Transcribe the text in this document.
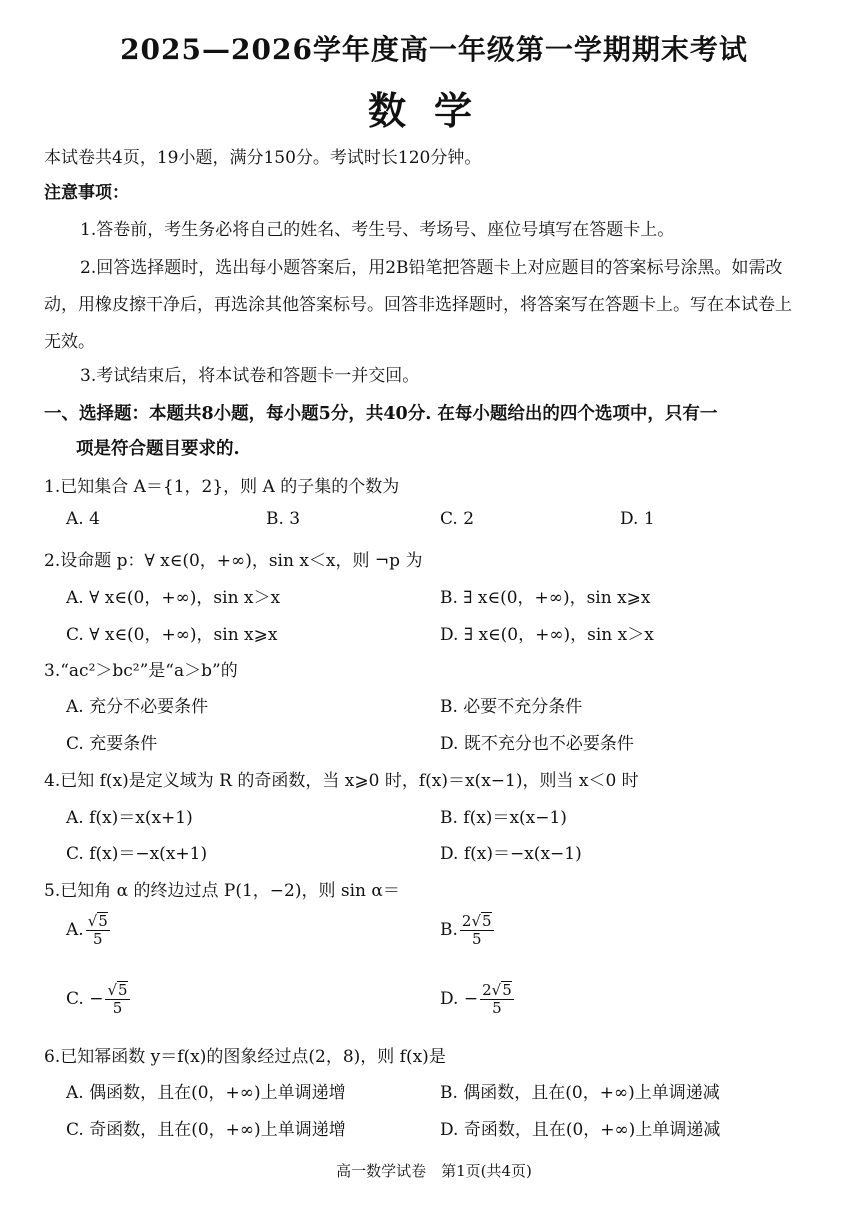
2025—2026学年度高一年级第一学期期末考试
数学
本试卷共4页，19小题，满分150分。考试时长120分钟。
注意事项：
1.答卷前，考生务必将自己的姓名、考生号、考场号、座位号填写在答题卡上。
2.回答选择题时，选出每小题答案后，用2B铅笔把答题卡上对应题目的答案标号涂黑。如需改
动，用橡皮擦干净后，再选涂其他答案标号。回答非选择题时，将答案写在答题卡上。写在本试卷上
无效。
3.考试结束后，将本试卷和答题卡一并交回。
一、选择题：本题共8小题，每小题5分，共40分. 在每小题给出的四个选项中，只有一
项是符合题目要求的.
1.已知集合 A＝{1，2}，则 A 的子集的个数为
A. 4	B. 3	C. 2	D. 1
2.设命题 p：∀ x∈(0，+∞)，sin x＜x，则 ¬p 为
A. ∀ x∈(0，+∞)，sin x＞x	B. ∃ x∈(0，+∞)，sin x⩾x
C. ∀ x∈(0，+∞)，sin x⩾x	D. ∃ x∈(0，+∞)，sin x＞x
3.“ac²＞bc²”是“a＞b”的
A. 充分不必要条件	B. 必要不充分条件
C. 充要条件	D. 既不充分也不必要条件
4.已知 f(x)是定义域为 R 的奇函数，当 x⩾0 时，f(x)＝x(x−1)，则当 x＜0 时
A. f(x)＝x(x+1)	B. f(x)＝x(x−1)
C. f(x)＝−x(x+1)	D. f(x)＝−x(x−1)
5.已知角 α 的终边过点 P(1，−2)，则 sin α＝
A. $\frac{√ 5}{5}$	B. $\frac{2 √ 5}{5}$
C. − $\frac{√ 5}{5}$	D. − $\frac{2 √ 5}{5}$
6.已知幂函数 y＝f(x)的图象经过点(2，8)，则 f(x)是
A. 偶函数，且在(0，+∞)上单调递增	B. 偶函数，且在(0，+∞)上单调递减
C. 奇函数，且在(0，+∞)上单调递增	D. 奇函数，且在(0，+∞)上单调递减
高一数学试卷　第1页(共4页)
